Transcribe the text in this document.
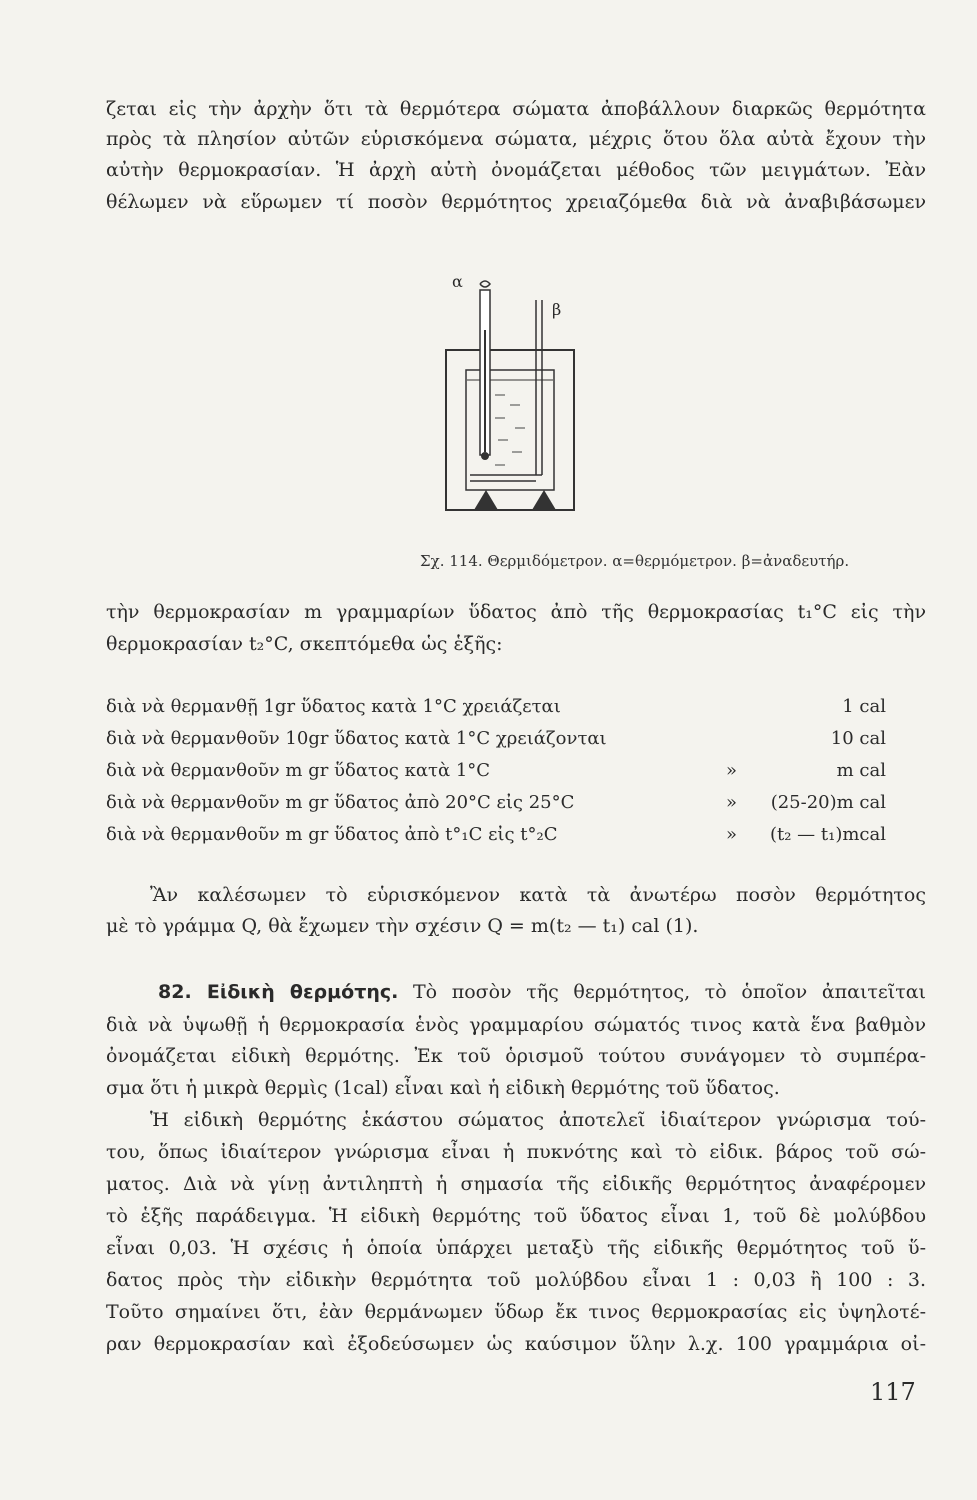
ζεται εἰς τὴν ἀρχὴν ὅτι τὰ θερμότερα σώματα ἀποβάλλουν διαρκῶς θερμότητα
πρὸς τὰ πλησίον αὐτῶν εὑρισκόμενα σώματα, μέχρις ὅτου ὅλα αὐτὰ ἔχουν τὴν
αὐτὴν θερμοκρασίαν. Ἡ ἀρχὴ αὐτὴ ὀνομάζεται μέθοδος τῶν μειγμάτων. Ἐὰν
θέλωμεν νὰ εὕρωμεν τί ποσὸν θερμότητος χρειαζόμεθα διὰ νὰ ἀναβιβάσωμεν
α
β
Σχ. 114. Θερμιδόμετρον. α=θερμόμετρον. β=ἀναδευτήρ.
τὴν θερμοκρασίαν m γραμμαρίων ὕδατος ἀπὸ τῆς θερμοκρασίας t₁°C εἰς τὴν
θερμοκρασίαν t₂°C, σκεπτόμεθα ὡς ἑξῆς:
διὰ νὰ θερμανθῇ 1gr ὕδατος κατὰ 1°C χρειάζεται	1 cal
διὰ νὰ θερμανθοῦν 10gr ὕδατος κατὰ 1°C χρειάζονται	10 cal
διὰ νὰ θερμανθοῦν m gr ὕδατος κατὰ 1°C	»	m cal
διὰ νὰ θερμανθοῦν m gr ὕδατος ἀπὸ 20°C εἰς 25°C	» (25-20)m cal
διὰ νὰ θερμανθοῦν m gr ὕδατος ἀπὸ t°₁C εἰς t°₂C	» (t₂ — t₁)mcal
Ἂν καλέσωμεν τὸ εὑρισκόμενον κατὰ τὰ ἀνωτέρω ποσὸν θερμότητος
μὲ τὸ γράμμα Q, θὰ ἔχωμεν τὴν σχέσιν Q = m(t₂ — t₁) cal (1).
82. Εἰδικὴ θερμότης. Τὸ ποσὸν τῆς θερμότητος, τὸ ὁποῖον ἀπαιτεῖται
διὰ νὰ ὑψωθῇ ἡ θερμοκρασία ἑνὸς γραμμαρίου σώματός τινος κατὰ ἕνα βαθμὸν
ὀνομάζεται εἰδικὴ θερμότης. Ἐκ τοῦ ὁρισμοῦ τούτου συνάγομεν τὸ συμπέρα-
σμα ὅτι ἡ μικρὰ θερμὶς (1cal) εἶναι καὶ ἡ εἰδικὴ θερμότης τοῦ ὕδατος.
Ἡ εἰδικὴ θερμότης ἑκάστου σώματος ἀποτελεῖ ἰδιαίτερον γνώρισμα τού-
του, ὅπως ἰδιαίτερον γνώρισμα εἶναι ἡ πυκνότης καὶ τὸ εἰδικ. βάρος τοῦ σώ-
ματος. Διὰ νὰ γίνῃ ἀντιληπτὴ ἡ σημασία τῆς εἰδικῆς θερμότητος ἀναφέρομεν
τὸ ἑξῆς παράδειγμα. Ἡ εἰδικὴ θερμότης τοῦ ὕδατος εἶναι 1, τοῦ δὲ μολύβδου
εἶναι 0,03. Ἡ σχέσις ἡ ὁποία ὑπάρχει μεταξὺ τῆς εἰδικῆς θερμότητος τοῦ ὕ-
δατος πρὸς τὴν εἰδικὴν θερμότητα τοῦ μολύβδου εἶναι 1 : 0,03 ἢ 100 : 3.
Τοῦτο σημαίνει ὅτι, ἐὰν θερμάνωμεν ὕδωρ ἔκ τινος θερμοκρασίας εἰς ὑψηλοτέ-
ραν θερμοκρασίαν καὶ ἐξοδεύσωμεν ὡς καύσιμον ὕλην λ.χ. 100 γραμμάρια οἰ-
117
